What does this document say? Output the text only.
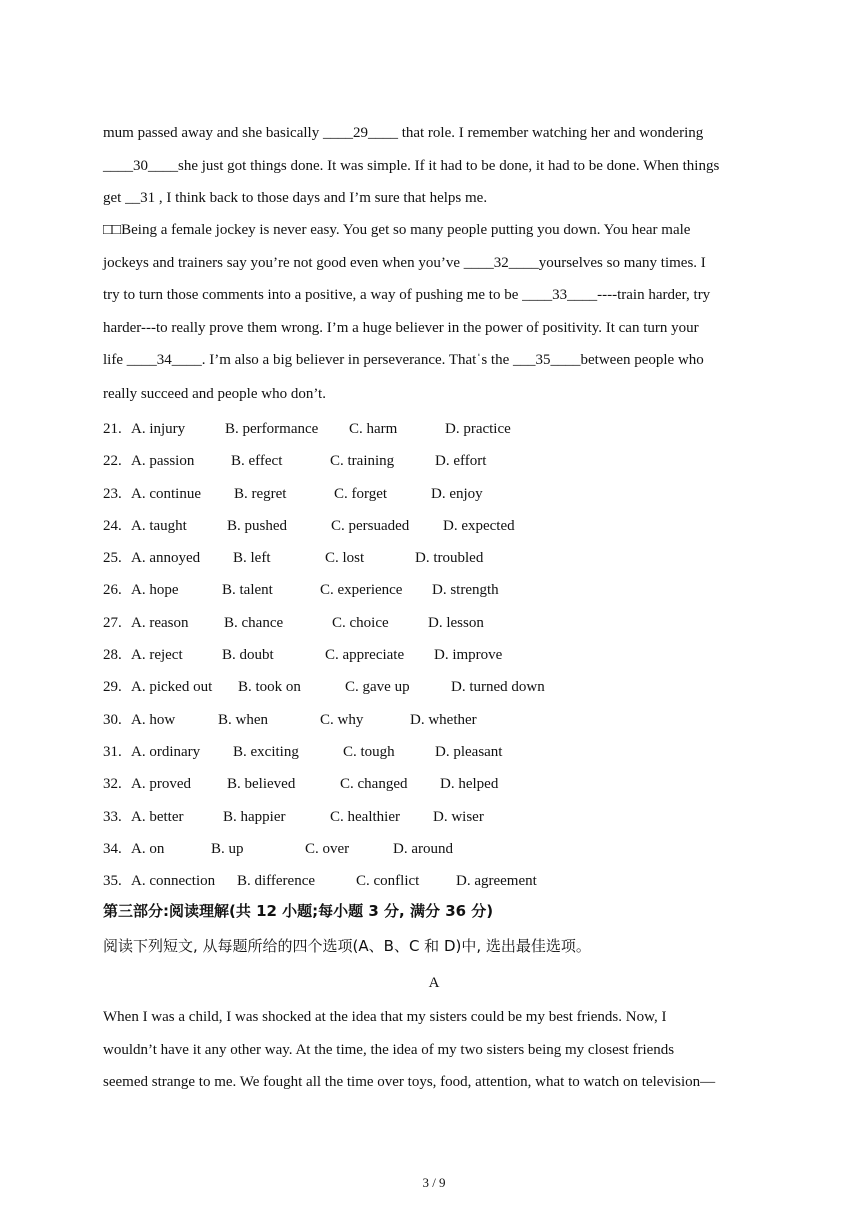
mum passed away and she basically ____29____ that role. I remember watching her and wondering
____30____she just got things done. It was simple. If it had to be done, it had to be done. When things
get __31 , I think back to those days and I’m sure that helps me.
□□Being a female jockey is never easy. You get so many people putting you down. You hear male
jockeys and trainers say you’re not good even when you’ve ____32____yourselves so many times. I
try to turn those comments into a positive, a way of pushing me to be ____33____----train harder, try
harder---to really prove them wrong. I’m a huge believer in the power of positivity. It can turn your
life ____34____. I’m also a big believer in perseverance. Thatˈs the ___35____between people who
really succeed and people who don’t.
21. A. injury	B. performance C. harm	D. practice
22. A. passion B. effect	C. training	D. effort
23. A. continue B. regret	C. forget	D. enjoy
24. A. taught	B. pushed	C. persuaded D. expected
25. A. annoyed B. left	C. lost	D. troubled
26. A. hope	B. talent	C. experience D. strength
27. A. reason B. chance	C. choice	D. lesson
28. A. reject	B. doubt	C. appreciate D. improve
29. A. picked out B. took on	C. gave up	D. turned down
30. A. how	B. when	C. why	D. whether
31. A. ordinary B. exciting	C. tough	D. pleasant
32. A. proved B. believed	C. changed D. helped
33. A. better	B. happier	C. healthier D. wiser
34. A. on	B. up	C. over	D. around
35. A. connection B. difference	C. conflict D. agreement
第三部分:阅读理解(共 12 小题;每小题 3 分, 满分 36 分)
阅读下列短文, 从每题所给的四个选项(A、B、C 和 D)中, 选出最佳选项。
A
When I was a child, I was shocked at the idea that my sisters could be my best friends. Now, I
wouldn’t have it any other way. At the time, the idea of my two sisters being my closest friends
seemed strange to me. We fought all the time over toys, food, attention, what to watch on television—
3 / 9
